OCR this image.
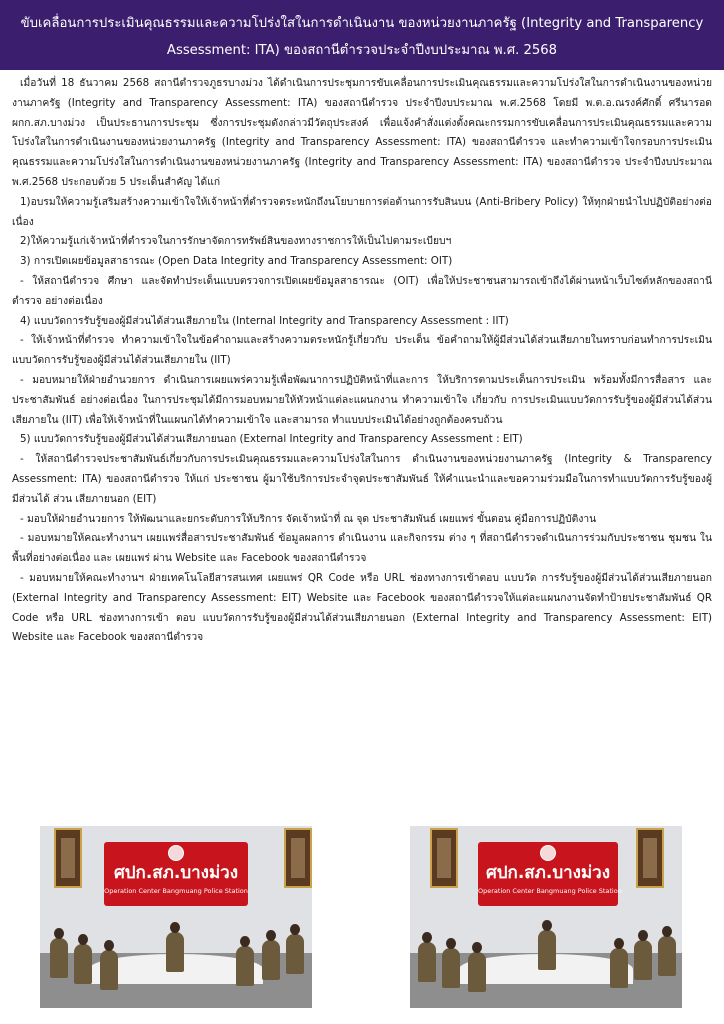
ขับเคลื่อนการประเมินคุณธรรมและความโปร่งใสในการดำเนินงาน ของหน่วยงานภาครัฐ (Integrity and Transparency
Assessment: ITA) ของสถานีตำรวจประจำปีงบประมาณ พ.ศ. 2568

เมื่อวันที่ 18 ธันวาคม 2568 สถานีตำรวจภูธรบางม่วง ได้ดำเนินการประชุมการขับเคลื่อนการประเมินคุณธรรมและความโปร่งใสในการดำเนินงานของหน่วยงานภาครัฐ (Integrity and Transparency Assessment: ITA) ของสถานีตำรวจ ประจำปีงบประมาณ พ.ศ.2568 โดยมี พ.ต.อ.ณรงค์ศักดิ์ ศรีนารอด ผกก.สภ.บางม่วง เป็นประธานการประชุม ซึ่งการประชุมดังกล่าวมีวัตถุประสงค์ เพื่อแจ้งคำสั่งแต่งตั้งคณะกรรมการขับเคลื่อนการประเมินคุณธรรมและความโปร่งใสในการดำเนินงานของหน่วยงานภาครัฐ (Integrity and Transparency Assessment: ITA) ของสถานีตำรวจ และทำความเข้าใจกรอบการประเมินคุณธรรมและความโปร่งใสในการดำเนินงานของหน่วยงานภาครัฐ (Integrity and Transparency Assessment: ITA) ของสถานีตำรวจ ประจำปีงบประมาณ พ.ศ.2568 ประกอบด้วย 5 ประเด็นสำคัญ ได้แก่

1)อบรมให้ความรู้เสริมสร้างความเข้าใจให้เจ้าหน้าที่ตำรวจตระหนักถึงนโยบายการต่อต้านการรับสินบน (Anti-Bribery Policy) ให้ทุกฝ่ายนำไปปฏิบัติอย่างต่อเนื่อง

2)ให้ความรู้แก่เจ้าหน้าที่ตำรวจในการรักษาจัดการทรัพย์สินของทางราชการให้เป็นไปตามระเบียบฯ

3) การเปิดเผยข้อมูลสาธารณะ (Open Data Integrity and Transparency Assessment: OIT)

- ให้สถานีตำรวจ ศึกษา และจัดทำประเด็นแบบตรวจการเปิดเผยข้อมูลสาธารณะ (OIT) เพื่อให้ประชาชนสามารถเข้าถึงได้ผ่านหน้าเว็บไซต์หลักของสถานีตำรวจ อย่างต่อเนื่อง

4) แบบวัดการรับรู้ของผู้มีส่วนได้ส่วนเสียภายใน (Internal Integrity and Transparency Assessment : IIT)

- ให้เจ้าหน้าที่ตำรวจ ทำความเข้าใจในข้อคำถามและสร้างความตระหนักรู้เกี่ยวกับ ประเด็น ข้อคำถามให้ผู้มีส่วนได้ส่วนเสียภายในทราบก่อนทำการประเมินแบบวัดการรับรู้ของผู้มีส่วนได้ส่วนเสียภายใน (IIT)

- มอบหมายให้ฝ่ายอำนวยการ ดำเนินการเผยแพร่ความรู้เพื่อพัฒนาการปฏิบัติหน้าที่และการ ให้บริการตามประเด็นการประเมิน พร้อมทั้งมีการสื่อสาร และประชาสัมพันธ์ อย่างต่อเนื่อง ในการประชุมได้มีการมอบหมายให้หัวหน้าแต่ละแผนกงาน ทำความเข้าใจ เกี่ยวกับ การประเมินแบบวัดการรับรู้ของผู้มีส่วนได้ส่วนเสียภายใน (IIT) เพื่อให้เจ้าหน้าที่ในแผนกได้ทำความเข้าใจ และสามารถ ทำแบบประเมินได้อย่างถูกต้องครบถ้วน

5) แบบวัดการรับรู้ของผู้มีส่วนได้ส่วนเสียภายนอก (External Integrity and Transparency Assessment : EIT)

- ให้สถานีตำรวจประชาสัมพันธ์เกี่ยวกับการประเมินคุณธรรมและความโปร่งใสในการ ดำเนินงานของหน่วยงานภาครัฐ (Integrity & Transparency Assessment: ITA) ของสถานีตำรวจ ให้แก่ ประชาชน ผู้มาใช้บริการประจำจุดประชาสัมพันธ์ ให้คำแนะนำและขอความร่วมมือในการทำแบบวัดการรับรู้ของผู้ มีส่วนได้ ส่วน เสียภายนอก (EIT)

- มอบให้ฝ่ายอำนวยการ ให้พัฒนาและยกระดับการให้บริการ จัดเจ้าหน้าที่ ณ จุด ประชาสัมพันธ์ เผยแพร่ ขั้นตอน คู่มือการปฏิบัติงาน

- มอบหมายให้คณะทำงานฯ เผยแพร่สื่อสารประชาสัมพันธ์ ข้อมูลผลการ ดำเนินงาน และกิจกรรม ต่าง ๆ ที่สถานีตำรวจดำเนินการร่วมกับประชาชน ชุมชน ในพื้นที่อย่างต่อเนื่อง และ เผยแพร่ ผ่าน Website และ Facebook ของสถานีตำรวจ

- มอบหมายให้คณะทำงานฯ ฝ่ายเทคโนโลยีสารสนเทศ เผยแพร่ QR Code หรือ URL ช่องทางการเข้าตอบ แบบวัด การรับรู้ของผู้มีส่วนได้ส่วนเสียภายนอก (External Integrity and Transparency Assessment: EIT) Website และ Facebook ของสถานีตำรวจให้แต่ละแผนกงานจัดทำป้ายประชาสัมพันธ์ QR Code หรือ URL ช่องทางการเข้า ตอบ แบบวัดการรับรู้ของผู้มีส่วนได้ส่วนเสียภายนอก (External Integrity and Transparency Assessment: EIT) Website และ Facebook ของสถานีตำรวจ

ศปก.สภ.บางม่วง
Operation Center Bangmuang Police Station
ศปก.สภ.บางม่วง
Operation Center Bangmuang Police Station
